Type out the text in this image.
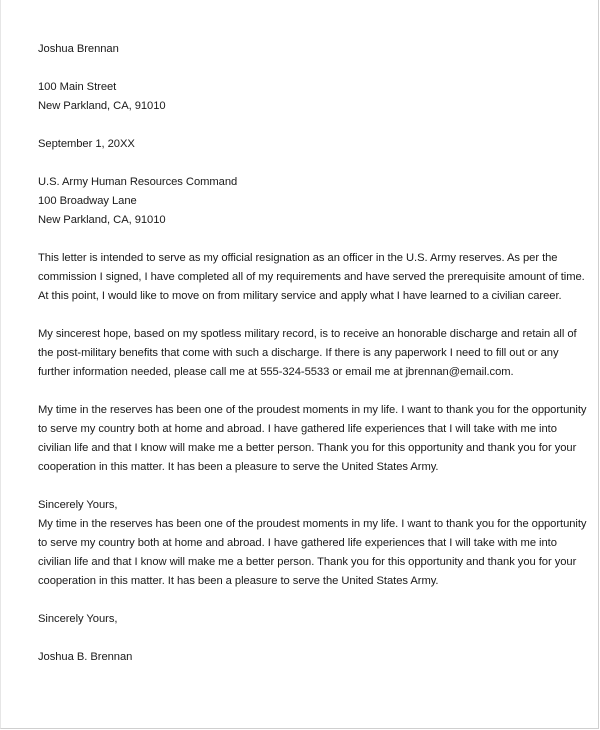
Joshua Brennan
100 Main Street
New Parkland, CA, 91010
September 1, 20XX
U.S. Army Human Resources Command
100 Broadway Lane
New Parkland, CA, 91010
This letter is intended to serve as my official resignation as an officer in the U.S. Army reserves. As per the
commission I signed, I have completed all of my requirements and have served the prerequisite amount of time.
At this point, I would like to move on from military service and apply what I have learned to a civilian career.
My sincerest hope, based on my spotless military record, is to receive an honorable discharge and retain all of
the post-military benefits that come with such a discharge. If there is any paperwork I need to fill out or any
further information needed, please call me at 555-324-5533 or email me at jbrennan@email.com.
My time in the reserves has been one of the proudest moments in my life. I want to thank you for the opportunity
to serve my country both at home and abroad. I have gathered life experiences that I will take with me into
civilian life and that I know will make me a better person. Thank you for this opportunity and thank you for your
cooperation in this matter. It has been a pleasure to serve the United States Army.
Sincerely Yours,
My time in the reserves has been one of the proudest moments in my life. I want to thank you for the opportunity
to serve my country both at home and abroad. I have gathered life experiences that I will take with me into
civilian life and that I know will make me a better person. Thank you for this opportunity and thank you for your
cooperation in this matter. It has been a pleasure to serve the United States Army.
Sincerely Yours,
Joshua B. Brennan
